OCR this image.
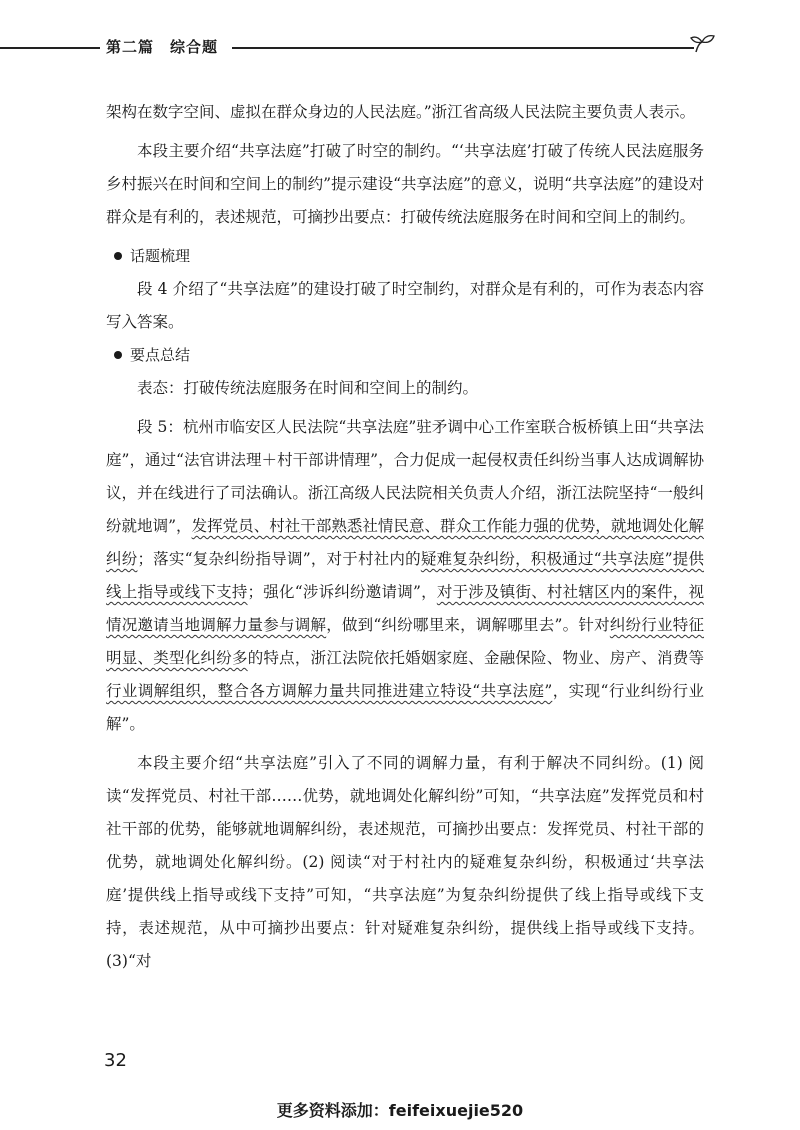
第二篇　综合题

架构在数字空间、虚拟在群众身边的人民法庭。”浙江省高级人民法院主要负责人表示。

本段主要介绍“共享法庭”打破了时空的制约。“‘共享法庭’打破了传统人民法庭服务乡村振兴在时间和空间上的制约”提示建设“共享法庭”的意义，说明“共享法庭”的建设对群众是有利的，表述规范，可摘抄出要点：打破传统法庭服务在时间和空间上的制约。

话题梳理

段 4 介绍了“共享法庭”的建设打破了时空制约，对群众是有利的，可作为表态内容写入答案。

要点总结

表态：打破传统法庭服务在时间和空间上的制约。

段 5：杭州市临安区人民法院“共享法庭”驻矛调中心工作室联合板桥镇上田“共享法庭”，通过“法官讲法理＋村干部讲情理”，合力促成一起侵权责任纠纷当事人达成调解协议，并在线进行了司法确认。浙江高级人民法院相关负责人介绍，浙江法院坚持“一般纠纷就地调”，发挥党员、村社干部熟悉社情民意、群众工作能力强的优势，就地调处化解纠纷；落实“复杂纠纷指导调”，对于村社内的疑难复杂纠纷，积极通过“共享法庭”提供线上指导或线下支持；强化“涉诉纠纷邀请调”，对于涉及镇街、村社辖区内的案件，视情况邀请当地调解力量参与调解，做到“纠纷哪里来，调解哪里去”。针对纠纷行业特征明显、类型化纠纷多的特点，浙江法院依托婚姻家庭、金融保险、物业、房产、消费等行业调解组织，整合各方调解力量共同推进建立特设“共享法庭”，实现“行业纠纷行业解”。

本段主要介绍“共享法庭”引入了不同的调解力量，有利于解决不同纠纷。(1) 阅读“发挥党员、村社干部……优势，就地调处化解纠纷”可知，“共享法庭”发挥党员和村社干部的优势，能够就地调解纠纷，表述规范，可摘抄出要点：发挥党员、村社干部的优势，就地调处化解纠纷。(2) 阅读“对于村社内的疑难复杂纠纷，积极通过‘共享法庭’提供线上指导或线下支持”可知，“共享法庭”为复杂纠纷提供了线上指导或线下支持，表述规范，从中可摘抄出要点：针对疑难复杂纠纷，提供线上指导或线下支持。(3)“对

32
更多资料添加：feifeixuejie520
